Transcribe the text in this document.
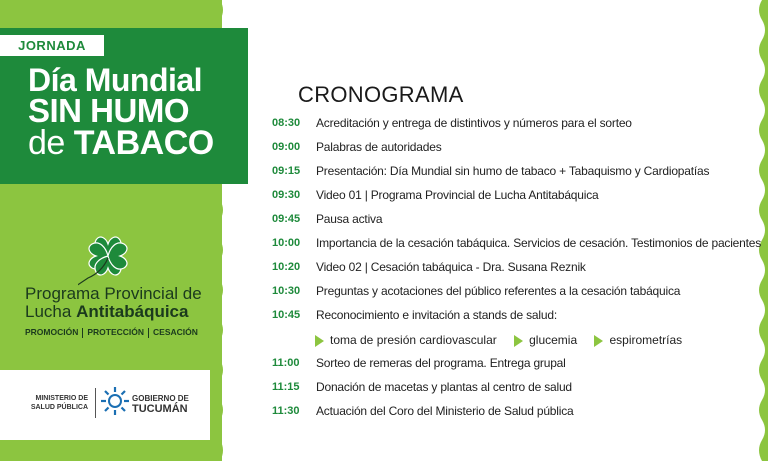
JORNADA
Día Mundial
SIN HUMO
de TABACO
Programa Provincial de
Lucha Antitabáquica
PROMOCIÓN PROTECCIÓN CESACIÓN
MINISTERIO DE
SALUD PÚBLICA
GOBIERNO DE
TUCUMÁN
CRONOGRAMA
08:30	Acreditación y entrega de distintivos y números para el sorteo
09:00	Palabras de autoridades
09:15	Presentación: Día Mundial sin humo de tabaco + Tabaquismo y Cardiopatías
09:30	Video 01 | Programa Provincial de Lucha Antitabáquica
09:45	Pausa activa
10:00	Importancia de la cesación tabáquica. Servicios de cesación. Testimonios de pacientes
10:20	Video 02 | Cesación tabáquica - Dra. Susana Reznik
10:30	Preguntas y acotaciones del público referentes a la cesación tabáquica
10:45	Reconocimiento e invitación a stands de salud:
toma de presión cardiovascular	glucemia	espirometrías
11:00	Sorteo de remeras del programa. Entrega grupal
11:15	Donación de macetas y plantas al centro de salud
11:30	Actuación del Coro del Ministerio de Salud pública
